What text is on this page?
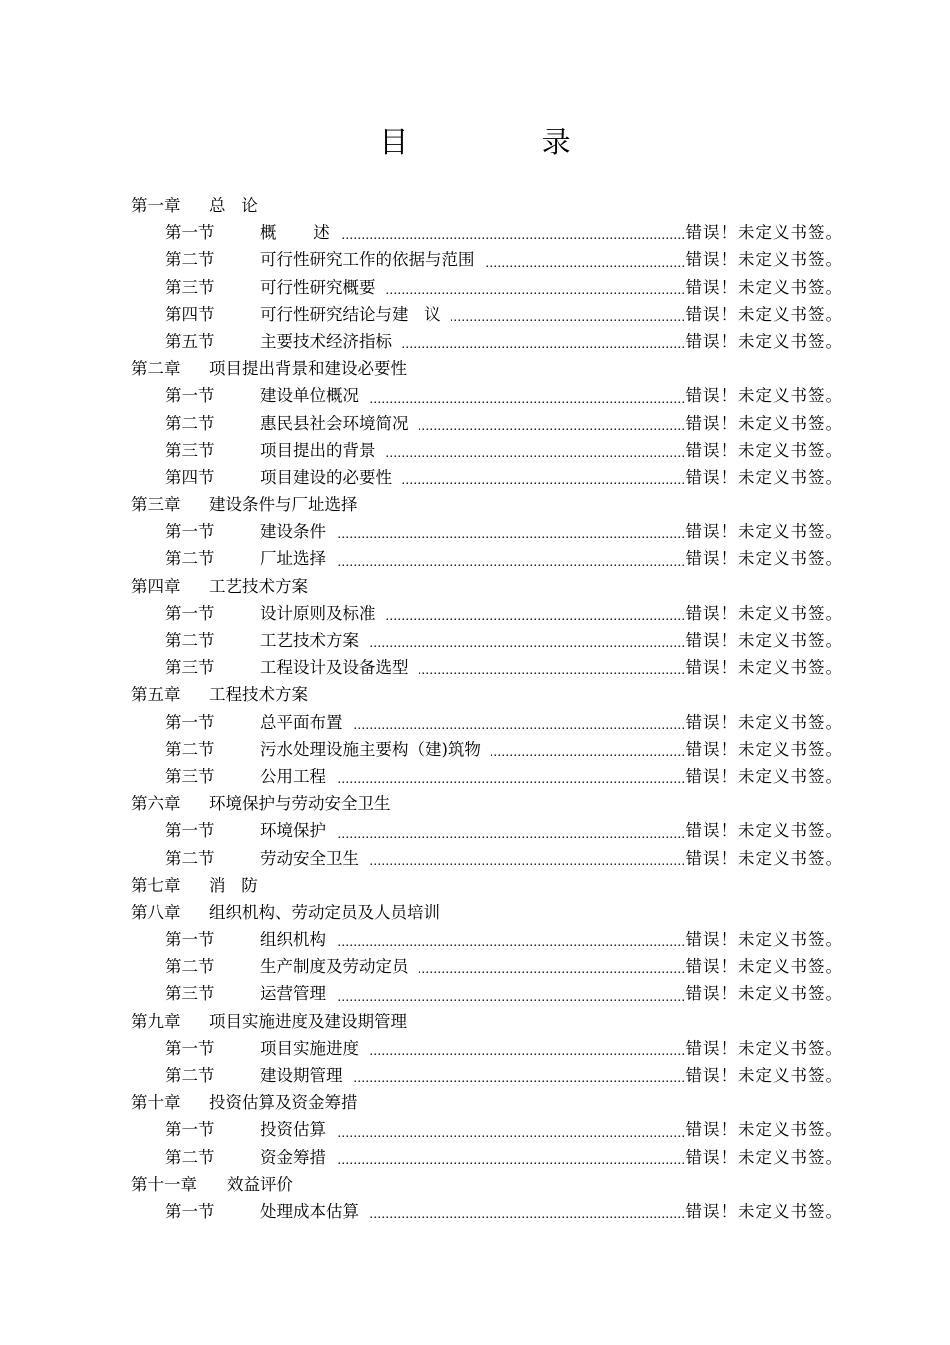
目 录
第一章	总   论
第一节	概       述 .....	错误！未定义书签。
第二节	可行性研究工作的依据与范围 .....	错误！未定义书签。
第三节	可行性研究概要 .....	错误！未定义书签。
第四节	可行性研究结论与建   议 .....	错误！未定义书签。
第五节	主要技术经济指标 .....	错误！未定义书签。
第二章	项目提出背景和建设必要性
第一节	建设单位概况 .....	错误！未定义书签。
第二节	惠民县社会环境简况 .....	错误！未定义书签。
第三节	项目提出的背景 .....	错误！未定义书签。
第四节	项目建设的必要性 .....	错误！未定义书签。
第三章	建设条件与厂址选择
第一节	建设条件 .....	错误！未定义书签。
第二节	厂址选择 .....	错误！未定义书签。
第四章	工艺技术方案
第一节	设计原则及标准 .....	错误！未定义书签。
第二节	工艺技术方案 .....	错误！未定义书签。
第三节	工程设计及设备选型 .....	错误！未定义书签。
第五章	工程技术方案
第一节	总平面布置 .....	错误！未定义书签。
第二节	污水处理设施主要构（建)筑物 .....	错误！未定义书签。
第三节	公用工程 .....	错误！未定义书签。
第六章	环境保护与劳动安全卫生
第一节	环境保护 .....	错误！未定义书签。
第二节	劳动安全卫生 .....	错误！未定义书签。
第七章	消   防
第八章	组织机构、劳动定员及人员培训
第一节	组织机构 .....	错误！未定义书签。
第二节	生产制度及劳动定员 .....	错误！未定义书签。
第三节	运营管理 .....	错误！未定义书签。
第九章	项目实施进度及建设期管理
第一节	项目实施进度 .....	错误！未定义书签。
第二节	建设期管理 .....	错误！未定义书签。
第十章	投资估算及资金筹措
第一节	投资估算 .....	错误！未定义书签。
第二节	资金筹措 .....	错误！未定义书签。
第十一章	效益评价
第一节	处理成本估算 .....	错误！未定义书签。
